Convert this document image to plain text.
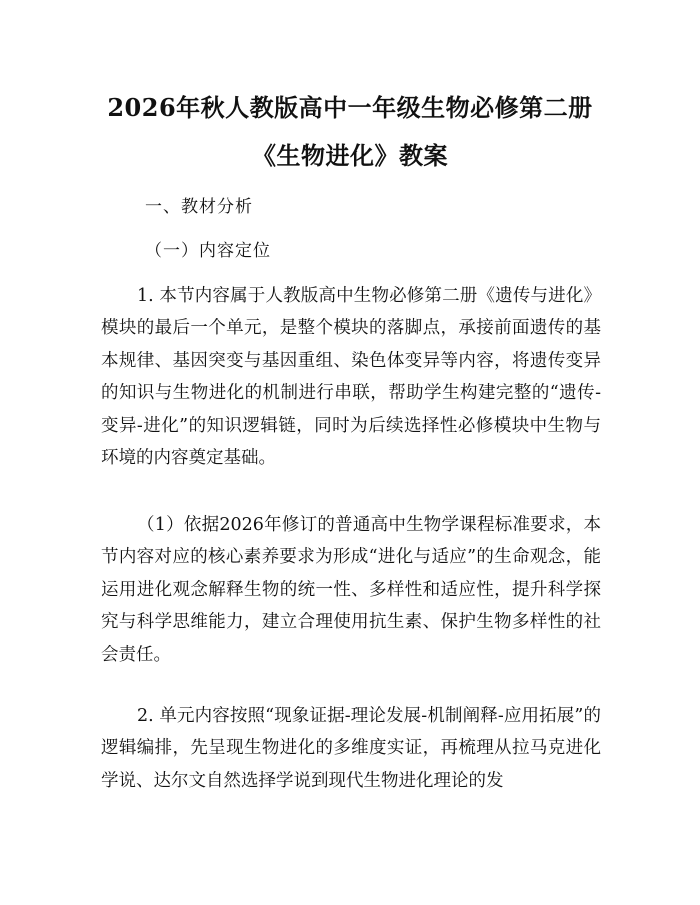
2026年秋人教版高中一年级生物必修第二册
《生物进化》教案

一、教材分析

（一）内容定位

1. 本节内容属于人教版高中生物必修第二册《遗传与进化》模块的最后一个单元，是整个模块的落脚点，承接前面遗传的基本规律、基因突变与基因重组、染色体变异等内容，将遗传变异的知识与生物进化的机制进行串联，帮助学生构建完整的“遗传-变异-进化”的知识逻辑链，同时为后续选择性必修模块中生物与环境的内容奠定基础。

（1）依据2026年修订的普通高中生物学课程标准要求，本节内容对应的核心素养要求为形成“进化与适应”的生命观念，能运用进化观念解释生物的统一性、多样性和适应性，提升科学探究与科学思维能力，建立合理使用抗生素、保护生物多样性的社会责任。

2. 单元内容按照“现象证据-理论发展-机制阐释-应用拓展”的逻辑编排，先呈现生物进化的多维度实证，再梳理从拉马克进化学说、达尔文自然选择学说到现代生物进化理论的发
